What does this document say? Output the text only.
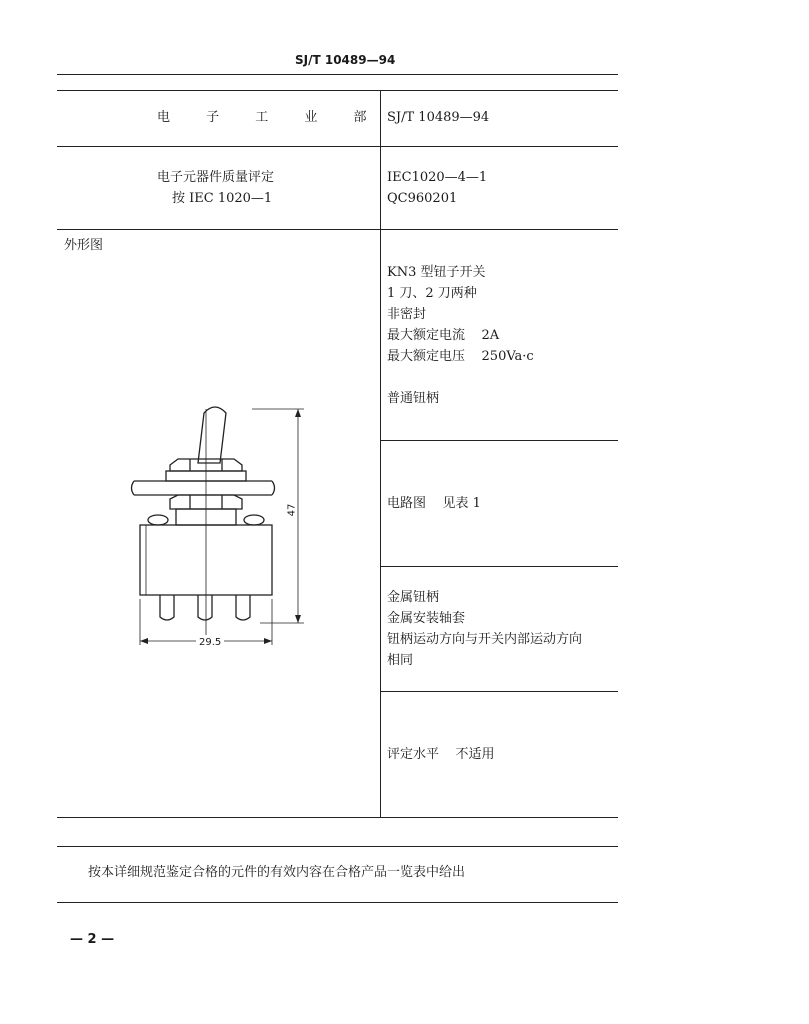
SJ/T 10489—94
电 子 工 业 部 SJ/T 10489—94
电子元器件质量评定
按 IEC 1020—1
IEC1020—4—1
QC960201
外形图
47
29.5
KN3 型钮子开关
1 刀、2 刀两种
非密封
最大额定电流    2A
最大额定电压    250Va·c
普通钮柄
电路图    见表 1
金属钮柄
金属安装轴套
钮柄运动方向与开关内部运动方向
相同
评定水平    不适用
按本详细规范鉴定合格的元件的有效内容在合格产品一览表中给出
— 2 —
